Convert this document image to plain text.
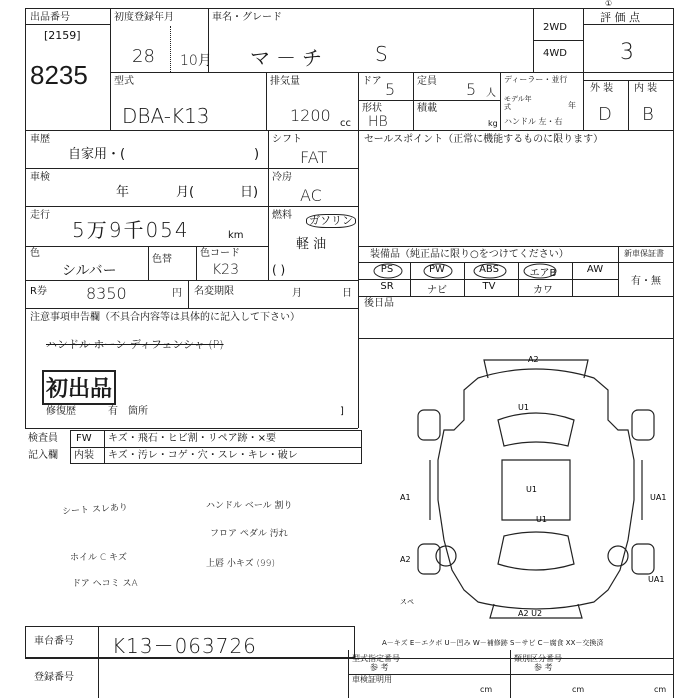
出品番号
[2159]
8235
初度登録年月
28 10月
車名・グレード
マ－チ S
2WD
4WD
評 価 点
①
3
型式
DBA-K13
排気量
1200 cc
ドア 5 定員 5 人
形状
HB
積載
kg
ディーラー・並行
モデル年式	年
ハンドル 左・右
外 装 内 装
D B
車歴
自家用・(	)
シフト
FAT
セールスポイント（正常に機能するものに限ります）
車検
年	月(	日)
冷房
AC
走行
5万9千054	km
燃料 ガソリン
軽 油
色
シルバー
色替
色コード
K23	( )
装備品（純正品に限り○をつけてください）	新車保証書
PS	PW	ABS	エアB	AW
SR	ナビ	TV	カワ
有・無
R券 8350	円 名変期限	月	日
後日品
注意事項申告欄（不具合内容等は具体的に記入して下さい）
ハンドル ホーン ディフェンシャ (P)
初出品
修復歴	有 箇所	]
検査員
記入欄
FW キズ・飛石・ヒビ割・リペア跡・×要
内装 キズ・汚レ・コゲ・穴・スレ・キレ・破レ
シート スレあり
ホイル C キズ
ドア ヘコミ スA
ハンドル ベール 割り
フロア ペダル 汚れ
上唇 小キズ (99)
A2
U1
U1
A1	UA1
A2
UA1
A2 U2
U1
スペ
A－キズ E－エクボ U－凹み W－補修跡 S－サビ C－腐食 XX－交換済
車台番号 K13－063726
登録番号
型式指定番号	類別区分番号
参 考	参 考
車検証明用
cm	cm	cm
